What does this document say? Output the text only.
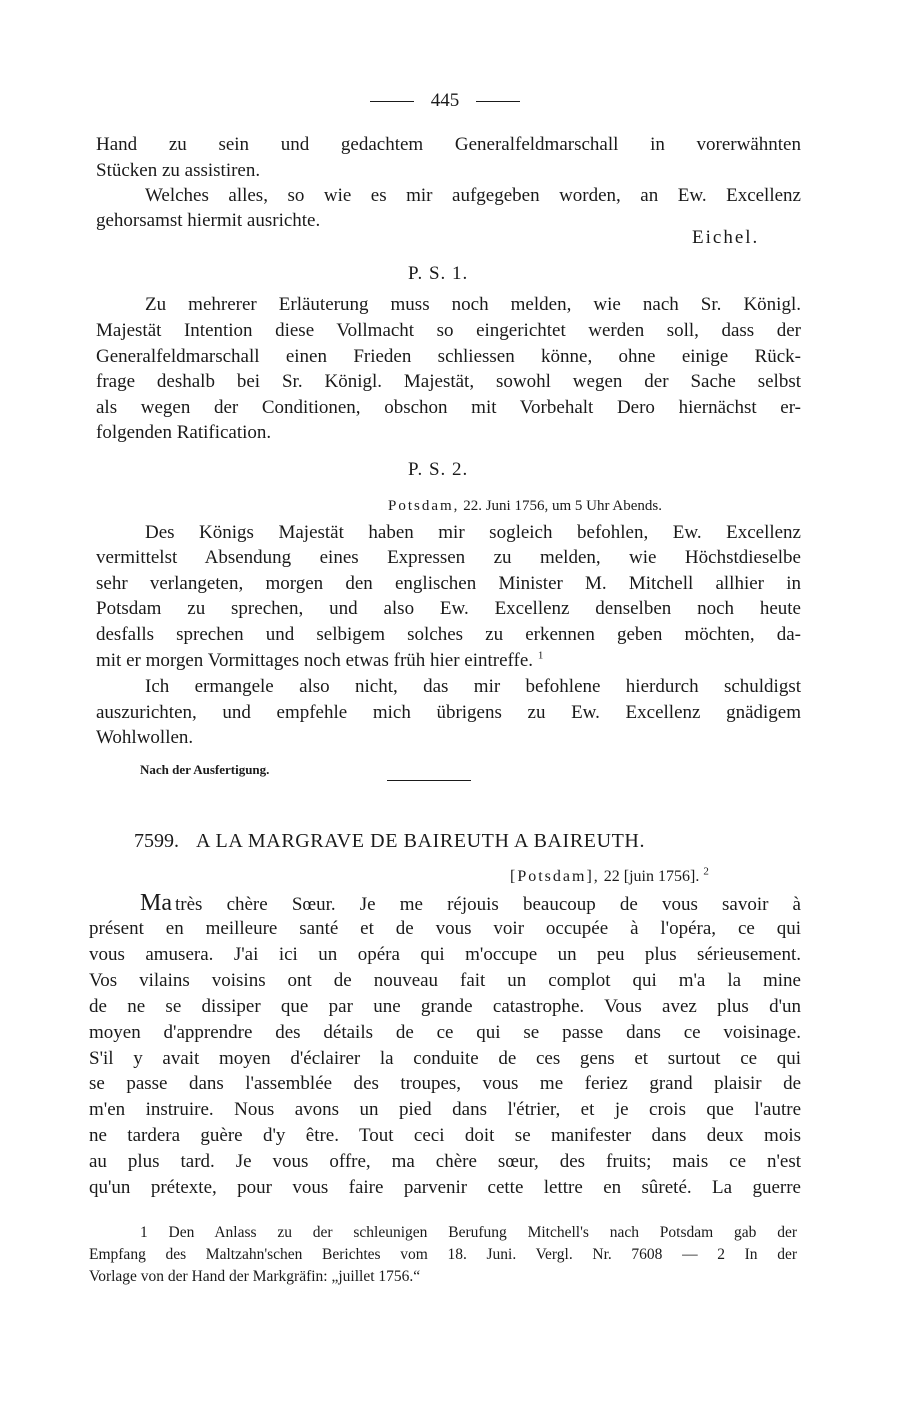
445
Hand zu sein und gedachtem Generalfeldmarschall in vorerwähnten
Stücken zu assistiren.
Welches alles, so wie es mir aufgegeben worden, an Ew. Excellenz
gehorsamst hiermit ausrichte.
Eichel.
P. S. 1.
Zu mehrerer Erläuterung muss noch melden, wie nach Sr. Königl.
Majestät Intention diese Vollmacht so eingerichtet werden soll, dass der
Generalfeldmarschall einen Frieden schliessen könne, ohne einige Rück-
frage deshalb bei Sr. Königl. Majestät, sowohl wegen der Sache selbst
als wegen der Conditionen, obschon mit Vorbehalt Dero hiernächst er-
folgenden Ratification.
P. S. 2.
Potsdam, 22. Juni 1756, um 5 Uhr Abends.
Des Königs Majestät haben mir sogleich befohlen, Ew. Excellenz
vermittelst Absendung eines Expressen zu melden, wie Höchstdieselbe
sehr verlangeten, morgen den englischen Minister M. Mitchell allhier in
Potsdam zu sprechen, und also Ew. Excellenz denselben noch heute
desfalls sprechen und selbigem solches zu erkennen geben möchten, da-
mit er morgen Vormittages noch etwas früh hier eintreffe. $^1$
Ich ermangele also nicht, das mir befohlene hierdurch schuldigst
auszurichten, und empfehle mich übrigens zu Ew. Excellenz gnädigem
Wohlwollen.
Nach der Ausfertigung.
7599. A LA MARGRAVE DE BAIREUTH A BAIREUTH.
[Potsdam], 22 [juin 1756]. $^2$
Ma très chère Sœur. Je me réjouis beaucoup de vous savoir à
présent en meilleure santé et de vous voir occupée à l'opéra, ce qui
vous amusera. J'ai ici un opéra qui m'occupe un peu plus sérieusement.
Vos vilains voisins ont de nouveau fait un complot qui m'a la mine
de ne se dissiper que par une grande catastrophe. Vous avez plus d'un
moyen d'apprendre des détails de ce qui se passe dans ce voisinage.
S'il y avait moyen d'éclairer la conduite de ces gens et surtout ce qui
se passe dans l'assemblée des troupes, vous me feriez grand plaisir de
m'en instruire. Nous avons un pied dans l'étrier, et je crois que l'autre
ne tardera guère d'y être. Tout ceci doit se manifester dans deux mois
au plus tard. Je vous offre, ma chère sœur, des fruits; mais ce n'est
qu'un prétexte, pour vous faire parvenir cette lettre en sûreté. La guerre
1 Den Anlass zu der schleunigen Berufung Mitchell's nach Potsdam gab der
Empfang des Maltzahn'schen Berichtes vom 18. Juni. Vergl. Nr. 7608 — 2 In der
Vorlage von der Hand der Markgräfin: „juillet 1756.“
